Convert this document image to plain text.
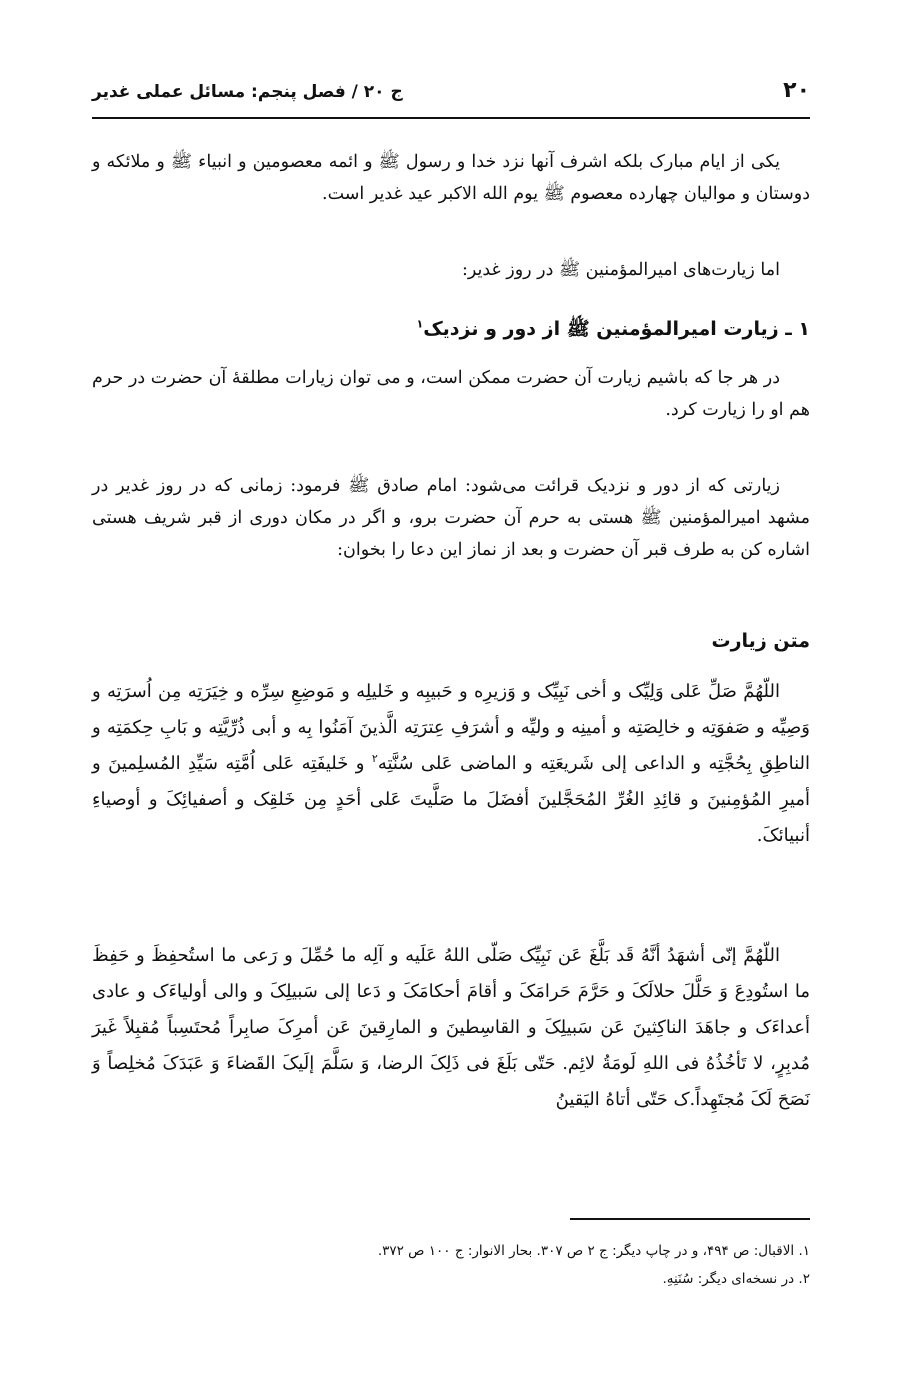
۲۰
ج ۲۰ / فصل پنجم: مسائل عملی غدیر

یکی از ایام مبارک بلکه اشرف آنها نزد خدا و رسول ﷺ و ائمه معصومین و انبیاء ﷺ و ملائکه و دوستان و موالیان چهارده معصوم ﷺ یوم الله الاکبر عید غدیر است.

اما زیارت‌های امیرالمؤمنین ﷺ در روز غدیر:

۱ ـ زیارت امیرالمؤمنین ﷺ از دور و نزدیک$^۱$

در هر جا که باشیم زیارت آن حضرت ممکن است، و می توان زیارات مطلقهٔ آن حضرت در حرم هم او را زیارت کرد.

زیارتی که از دور و نزدیک قرائت می‌شود: امام صادق ﷺ فرمود: زمانی که در روز غدیر در مشهد امیرالمؤمنین ﷺ هستی به حرم آن حضرت برو، و اگر در مکان دوری از قبر شریف هستی اشاره کن به طرف قبر آن حضرت و بعد از نماز این دعا را بخوان:

متن زیارت

اللّهُمَّ صَلِّ عَلی وَلِیِّک و أخی نَبِیِّک و وَزیرِه و حَبیبِه و خَلیلِه و مَوضِعِ سِرِّه و خِیَرَتِه مِن اُسرَتِه و وَصِیِّه و صَفوَتِه و خالِصَتِه و أمینِه و ولیِّه و أشرَفِ عِترَتِه الَّذینَ آمَنُوا بِه و أبی ذُرِّیَّتِه و بَابِ حِکمَتِه و الناطِقِ بِحُجَّتِه و الداعی إلی شَریعَتِه و الماضی عَلی سُنَّتِه$^۲$ و خَلیفَتِه عَلی اُمَّتِه سَیِّدِ المُسلِمینَ و أمیرِ المُؤمِنینَ و قائِدِ الغُرِّ المُحَجَّلینَ أفضَلَ ما صَلَّیتَ عَلی أحَدٍ مِن خَلقِک و أصفیائِکَ و أوصیاءِ أنبیائکَ.

اللّهُمَّ إنّی أشهَدُ أنَّهُ قَد بَلَّغَ عَن نَبِیِّک صَلّی اللهُ عَلَیه و آلِه ما حُمِّلَ و رَعی ما استُحفِظَ و حَفِظَ ما استُودِعَ وَ حَلَّلَ حلالَکَ و حَرَّمَ حَرامَکَ و أقامَ أحکامَکَ و دَعا إلی سَبیلِکَ و والی أولیاءَک و عادی أعداءَک و جاهَدَ الناکِثینَ عَن سَبیلِکَ و القاسِطینَ و المارِقینَ عَن أمرِکَ صابِراً مُحتَسِباً مُقبِلاً غَیرَ مُدبِرٍ، لا تَأخُذُهُ فی اللهِ لَومَةُ لائِم. حَتّی بَلَغَ فی ذَلِکَ الرضا، وَ سَلَّمَ إلَیکَ القَضاءَ وَ عَبَدَکَ مُخلِصاً وَ نَصَحَ لَکَ مُجتَهِداً.ک حَتّی أتاهُ الیَقینُ

۱. الاقبال: ص ۴۹۴، و در چاپ دیگر: ج ۲ ص ۳۰۷. بحار الانوار: ج ۱۰۰ ص ۳۷۲.
۲. در نسخه‌ای دیگر: سُنَنِهِ.
